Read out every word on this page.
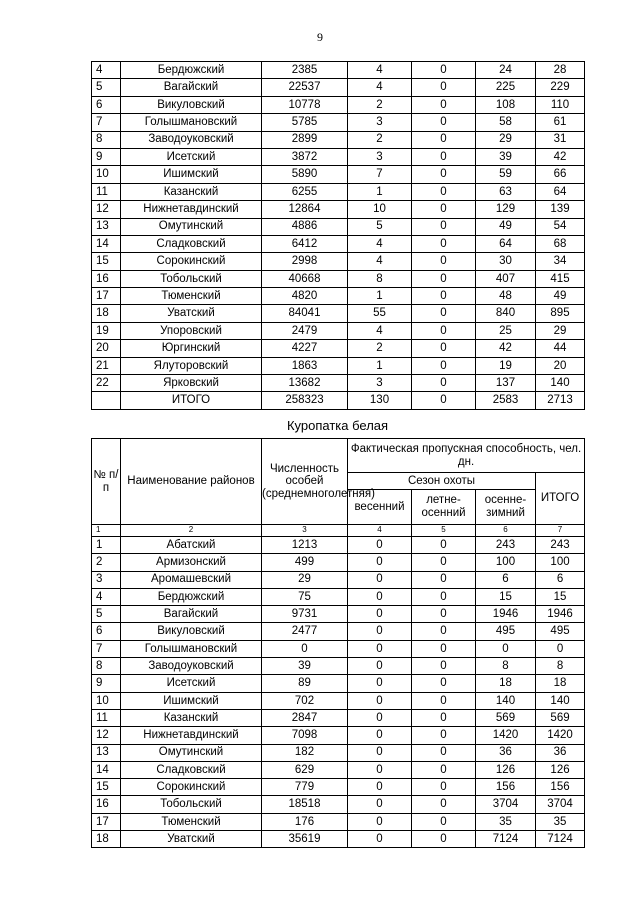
9
4	Бердюжский	2385	4	0	24	28
5	Вагайский	22537	4	0	225	229
6	Викуловский	10778	2	0	108	110
7	Голышмановский	5785	3	0	58	61
8	Заводоуковский	2899	2	0	29	31
9	Исетский	3872	3	0	39	42
10	Ишимский	5890	7	0	59	66
11	Казанский	6255	1	0	63	64
12	Нижнетавдинский	12864	10	0	129	139
13	Омутинский	4886	5	0	49	54
14	Сладковский	6412	4	0	64	68
15	Сорокинский	2998	4	0	30	34
16	Тобольский	40668	8	0	407	415
17	Тюменский	4820	1	0	48	49
18	Уватский	84041	55	0	840	895
19	Упоровский	2479	4	0	25	29
20	Юргинский	4227	2	0	42	44
21	Ялуторовский	1863	1	0	19	20
22	Ярковский	13682	3	0	137	140
	ИТОГО	258323	130	0	2583	2713
Куропатка белая
№ п/п	Наименование районов	Численность особей (среднемноголетняя)	Фактическая пропускная способность, чел. дн.			
			Сезон охоты			ИТОГО
			весенний	летне-осенний	осенне-зимний	
1	2	3	4	5	6	7
1	Абатский	1213	0	0	243	243
2	Армизонский	499	0	0	100	100
3	Аромашевский	29	0	0	6	6
4	Бердюжский	75	0	0	15	15
5	Вагайский	9731	0	0	1946	1946
6	Викуловский	2477	0	0	495	495
7	Голышмановский	0	0	0	0	0
8	Заводоуковский	39	0	0	8	8
9	Исетский	89	0	0	18	18
10	Ишимский	702	0	0	140	140
11	Казанский	2847	0	0	569	569
12	Нижнетавдинский	7098	0	0	1420	1420
13	Омутинский	182	0	0	36	36
14	Сладковский	629	0	0	126	126
15	Сорокинский	779	0	0	156	156
16	Тобольский	18518	0	0	3704	3704
17	Тюменский	176	0	0	35	35
18	Уватский	35619	0	0	7124	7124
